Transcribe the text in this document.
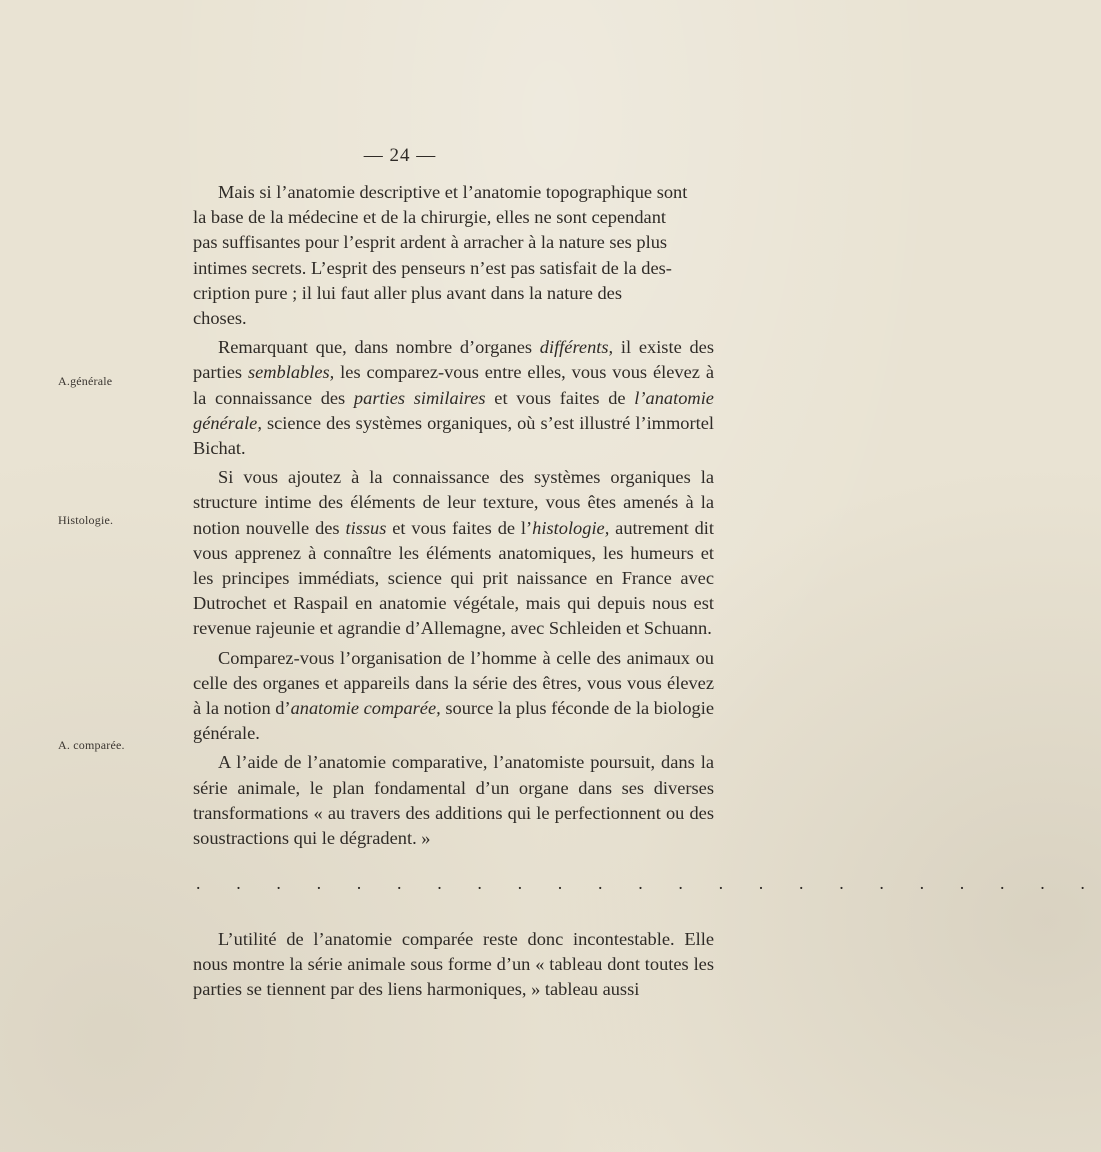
— 24 —
A.générale
Histologie.
A. comparée.

Mais si l’anatomie descriptive et l’anatomie topographique sont
la base de la médecine et de la chirurgie, elles ne sont cependant
pas suffisantes pour l’esprit ardent à arracher à la nature ses plus
intimes secrets. L’esprit des penseurs n’est pas satisfait de la des-
cription pure ; il lui faut aller plus avant dans la nature des
choses.

Remarquant que, dans nombre d’organes différents, il existe des parties semblables, les comparez-vous entre elles, vous vous élevez à la connaissance des parties similaires et vous faites de l’anatomie générale, science des systèmes organiques, où s’est illustré l’immortel Bichat.

Si vous ajoutez à la connaissance des systèmes organiques la structure intime des éléments de leur texture, vous êtes amenés à la notion nouvelle des tissus et vous faites de l’histologie, autrement dit vous apprenez à connaître les éléments anatomiques, les humeurs et les principes immédiats, science qui prit naissance en France avec Dutrochet et Raspail en anatomie végétale, mais qui depuis nous est revenue rajeunie et agrandie d’Allemagne, avec Schleiden et Schuann.

Comparez-vous l’organisation de l’homme à celle des animaux ou celle des organes et appareils dans la série des êtres, vous vous élevez à la notion d’anatomie comparée, source la plus féconde de la biologie générale.

A l’aide de l’anatomie comparative, l’anatomiste poursuit, dans la série animale, le plan fondamental d’un organe dans ses diverses transformations « au travers des additions qui le perfectionnent ou des soustractions qui le dégradent. »

. . . . . . . . . . . . . . . . . . . . . . .

L’utilité de l’anatomie comparée reste donc incontestable. Elle nous montre la série animale sous forme d’un « tableau dont toutes les parties se tiennent par des liens harmoniques, » tableau aussi
